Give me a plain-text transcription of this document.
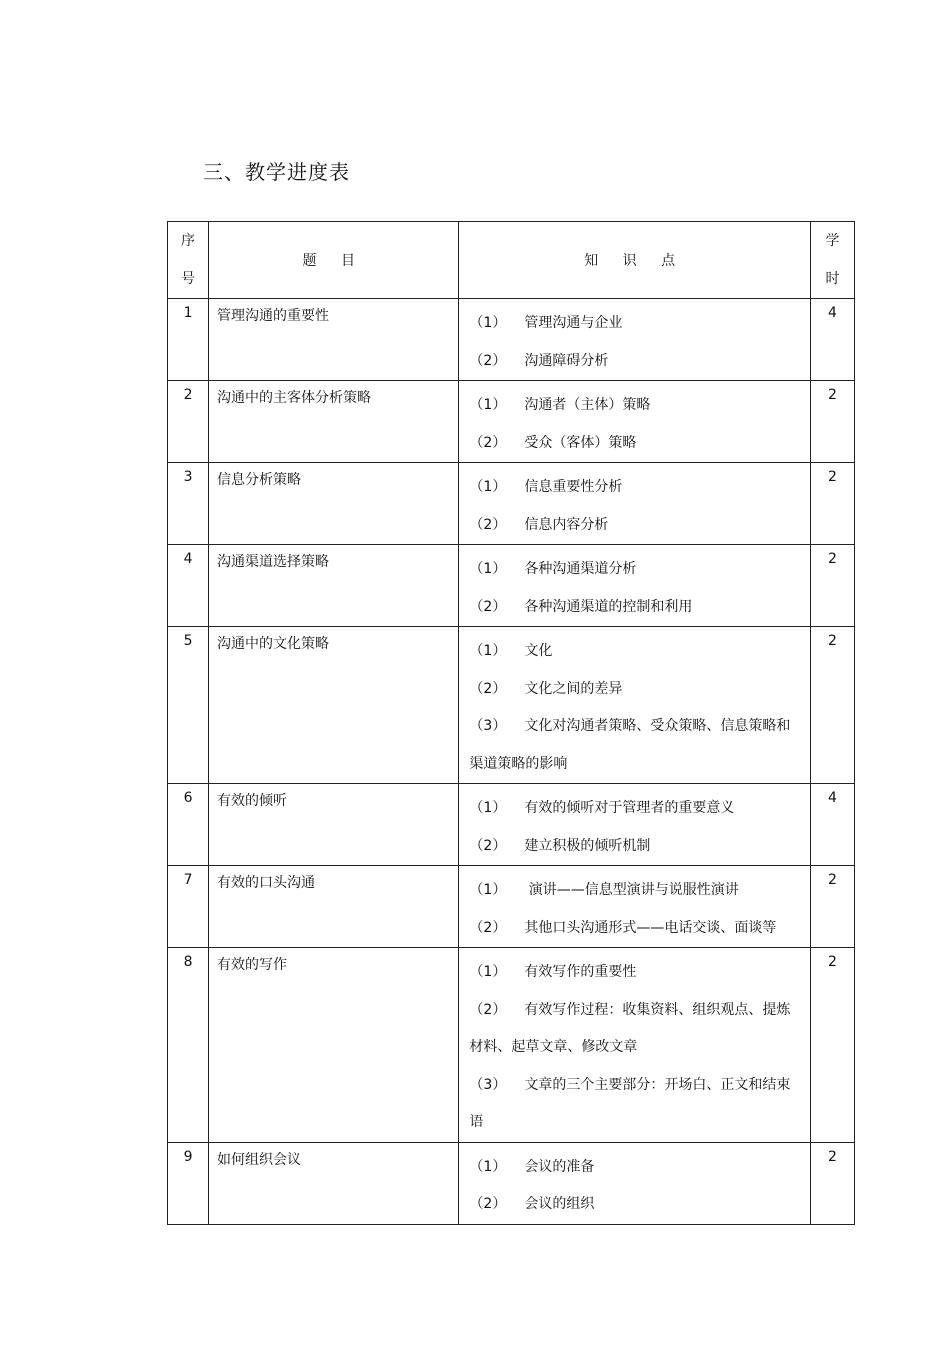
三、教学进度表
序
号	题 目	知 识 点	学
时

1	管理沟通的重要性	（1） 管理沟通与企业
（2） 沟通障碍分析	4
2	沟通中的主客体分析策略	（1） 沟通者（主体）策略
（2） 受众（客体）策略	2
3	信息分析策略	（1） 信息重要性分析
（2） 信息内容分析	2
4	沟通渠道选择策略	（1） 各种沟通渠道分析
（2） 各种沟通渠道的控制和利用	2
5	沟通中的文化策略	（1） 文化
（2） 文化之间的差异
（3） 文化对沟通者策略、受众策略、信息策略和渠道策略的影响	2
6	有效的倾听	（1） 有效的倾听对于管理者的重要意义
（2） 建立积极的倾听机制	4
7	有效的口头沟通	（1） 演讲——信息型演讲与说服性演讲
（2） 其他口头沟通形式——电话交谈、面谈等	2
8	有效的写作	（1） 有效写作的重要性
（2） 有效写作过程：收集资料、组织观点、提炼材料、起草文章、修改文章
（3） 文章的三个主要部分：开场白、正文和结束语	2
9	如何组织会议	（1） 会议的准备
（2） 会议的组织	2
